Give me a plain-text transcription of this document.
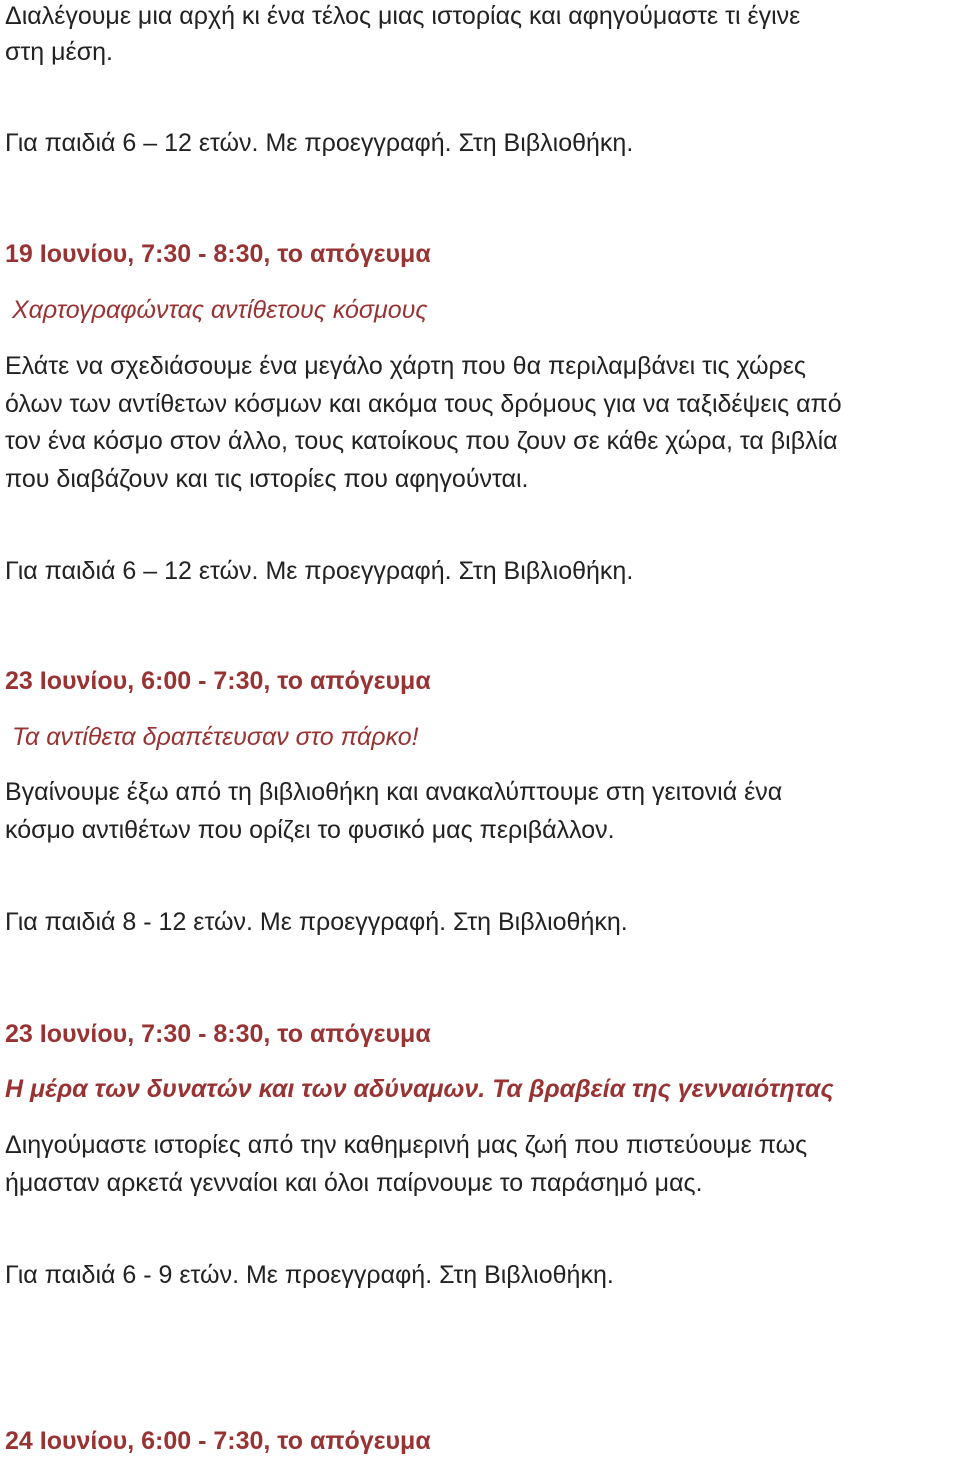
Διαλέγουμε μια αρχή κι ένα τέλος μιας ιστορίας και αφηγούμαστε τι έγινε

στη μέση.

Για παιδιά 6 – 12 ετών. Με προεγγραφή. Στη Βιβλιοθήκη.

19 Ιουνίου, 7:30 - 8:30, το απόγευμα

Χαρτογραφώντας αντίθετους κόσμους

Ελάτε να σχεδιάσουμε ένα μεγάλο χάρτη που θα περιλαμβάνει τις χώρες

όλων των αντίθετων κόσμων και ακόμα τους δρόμους για να ταξιδέψεις από

τον ένα κόσμο στον άλλο, τους κατοίκους που ζουν σε κάθε χώρα, τα βιβλία

που διαβάζουν και τις ιστορίες που αφηγούνται.

Για παιδιά 6 – 12 ετών. Με προεγγραφή. Στη Βιβλιοθήκη.

23 Ιουνίου, 6:00 - 7:30, το απόγευμα

Τα αντίθετα δραπέτευσαν στο πάρκο!

Βγαίνουμε έξω από τη βιβλιοθήκη και ανακαλύπτουμε στη γειτονιά ένα

κόσμο αντιθέτων που ορίζει το φυσικό μας περιβάλλον.

Για παιδιά 8 - 12 ετών. Με προεγγραφή. Στη Βιβλιοθήκη.

23 Ιουνίου, 7:30 - 8:30, το απόγευμα

Η μέρα των δυνατών και των αδύναμων. Τα βραβεία της γενναιότητας

Διηγούμαστε ιστορίες από την καθημερινή μας ζωή που πιστεύουμε πως

ήμασταν αρκετά γενναίοι και όλοι παίρνουμε το παράσημό μας.

Για παιδιά 6 - 9 ετών. Με προεγγραφή. Στη Βιβλιοθήκη.

24 Ιουνίου, 6:00 - 7:30, το απόγευμα
